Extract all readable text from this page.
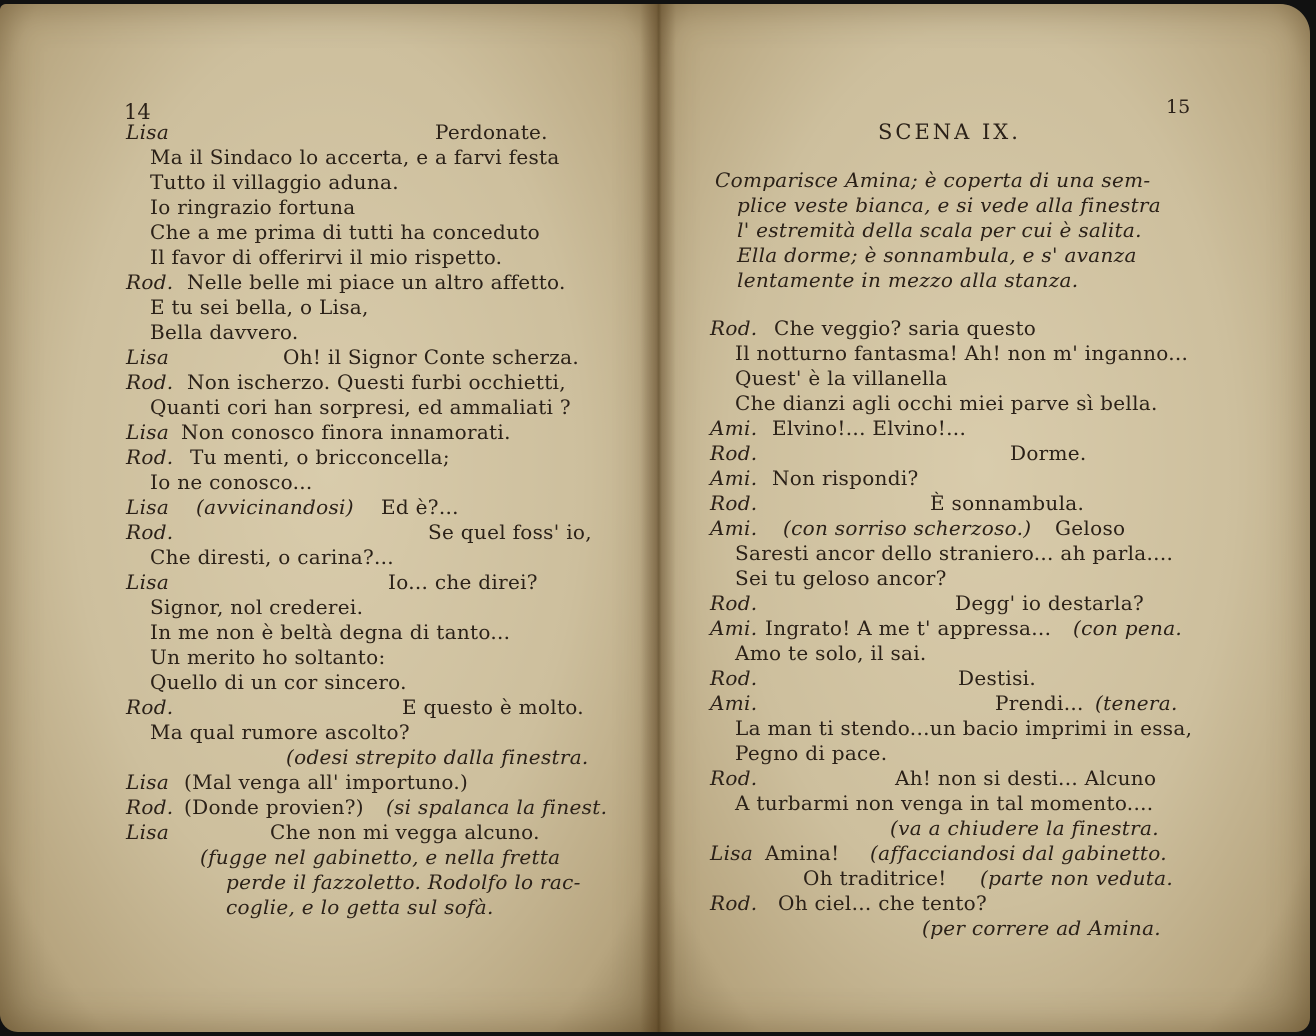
14	15
SCENA IX.
Lisa	Perdonate.
Ma il Sindaco lo accerta, e a farvi festa
Tutto il villaggio aduna.
Io ringrazio fortuna
Che a me prima di tutti ha conceduto
Il favor di offerirvi il mio rispetto.
Rod. Nelle belle mi piace un altro affetto.
E tu sei bella, o Lisa,
Bella davvero.
Lisa	Oh! il Signor Conte scherza.
Rod. Non ischerzo. Questi furbi occhietti,
Quanti cori han sorpresi, ed ammaliati ?
Lisa Non conosco finora innamorati.
Rod. Tu menti, o bricconcella;
Io ne conosco...
Lisa (avvicinandosi) Ed è?...
Rod.	Se quel foss' io,
Che diresti, o carina?...
Lisa	Io... che direi?
Signor, nol crederei.
In me non è beltà degna di tanto...
Un merito ho soltanto:
Quello di un cor sincero.
Rod.	E questo è molto.
Ma qual rumore ascolto?
(odesi strepito dalla finestra.
Lisa (Mal venga all' importuno.)
Rod. (Donde provien?) (si spalanca la finest.
Lisa	Che non mi vegga alcuno.
(fugge nel gabinetto, e nella fretta
perde il fazzoletto. Rodolfo lo rac-
coglie, e lo getta sul sofà.
Comparisce Amina; è coperta di una sem-
plice veste bianca, e si vede alla finestra
l' estremità della scala per cui è salita.
Ella dorme; è sonnambula, e s' avanza
lentamente in mezzo alla stanza.
Rod. Che veggio? saria questo
Il notturno fantasma! Ah! non m' inganno...
Quest' è la villanella
Che dianzi agli occhi miei parve sì bella.
Ami. Elvino!... Elvino!...
Rod.	Dorme.
Ami. Non rispondi?
Rod.	È sonnambula.
Ami. (con sorriso scherzoso.) Geloso
Saresti ancor dello straniero... ah parla....
Sei tu geloso ancor?
Rod.	Degg' io destarla?
Ami. Ingrato! A me t' appressa... (con pena.
Amo te solo, il sai.
Rod.	Destisi.
Ami.	Prendi... (tenera.
La man ti stendo...un bacio imprimi in essa,
Pegno di pace.
Rod.	Ah! non si desti... Alcuno
A turbarmi non venga in tal momento....
(va a chiudere la finestra.
Lisa Amina! (affacciandosi dal gabinetto.
Oh traditrice! (parte non veduta.
Rod. Oh ciel... che tento?
(per correre ad Amina.
